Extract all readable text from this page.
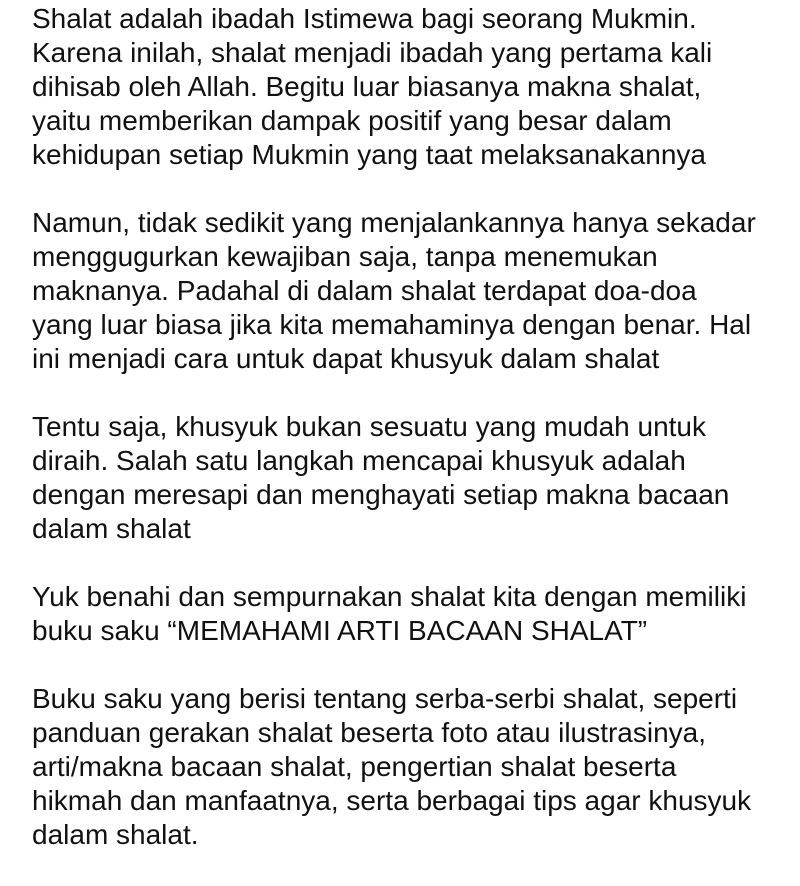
Shalat adalah ibadah Istimewa bagi seorang Mukmin.
Karena inilah, shalat menjadi ibadah yang pertama kali
dihisab oleh Allah. Begitu luar biasanya makna shalat,
yaitu memberikan dampak positif yang besar dalam
kehidupan setiap Mukmin yang taat melaksanakannya

Namun, tidak sedikit yang menjalankannya hanya sekadar
menggugurkan kewajiban saja, tanpa menemukan
maknanya. Padahal di dalam shalat terdapat doa-doa
yang luar biasa jika kita memahaminya dengan benar. Hal
ini menjadi cara untuk dapat khusyuk dalam shalat

Tentu saja, khusyuk bukan sesuatu yang mudah untuk
diraih. Salah satu langkah mencapai khusyuk adalah
dengan meresapi dan menghayati setiap makna bacaan
dalam shalat

Yuk benahi dan sempurnakan shalat kita dengan memiliki
buku saku “MEMAHAMI ARTI BACAAN SHALAT”

Buku saku yang berisi tentang serba-serbi shalat, seperti
panduan gerakan shalat beserta foto atau ilustrasinya,
arti/makna bacaan shalat, pengertian shalat beserta
hikmah dan manfaatnya, serta berbagai tips agar khusyuk
dalam shalat.
